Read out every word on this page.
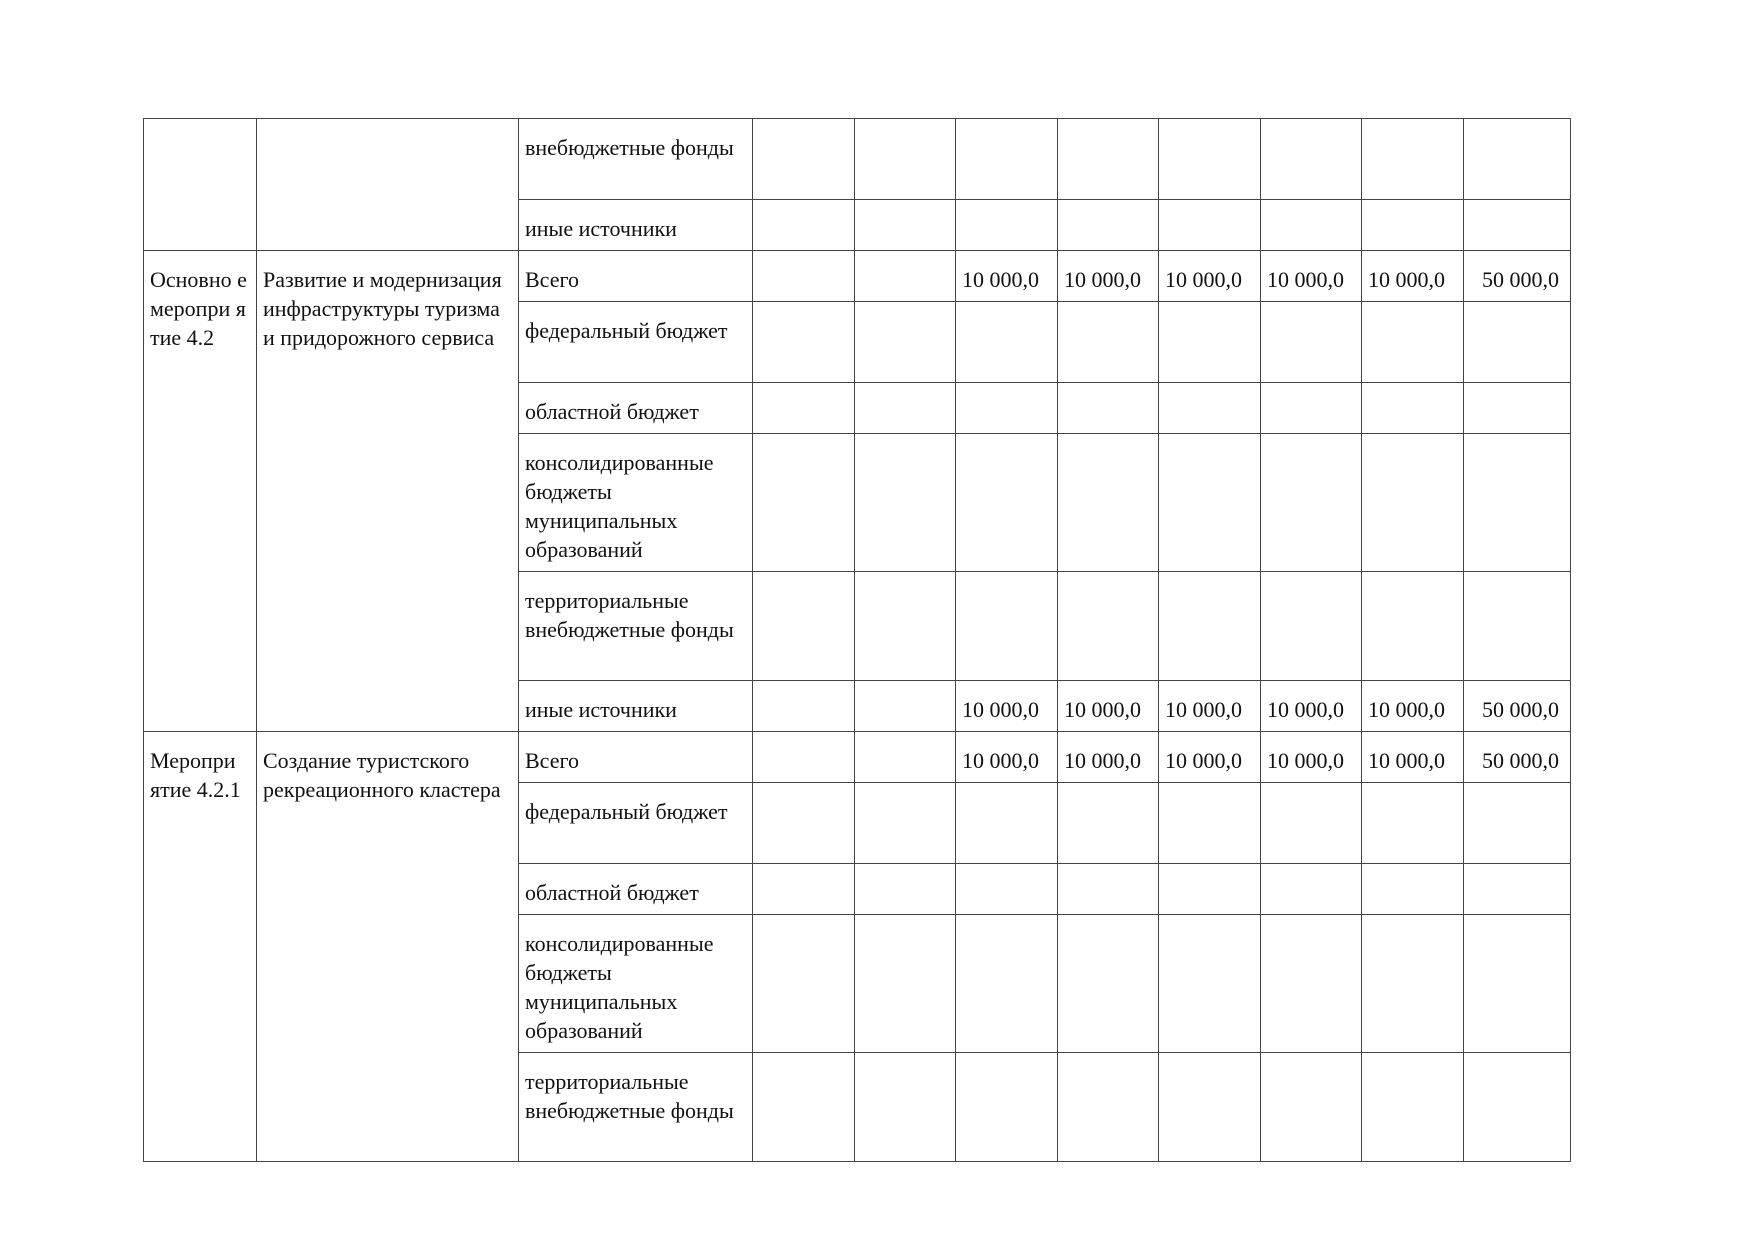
		внебюджетные фонды								
		иные источники								
Основно е меропри ятие 4.2	Развитие и модернизация инфраструктуры туризма и придорожного сервиса	Всего			10 000,0	10 000,0	10 000,0	10 000,0	10 000,0	50 000,0
		федеральный бюджет								
		областной бюджет								
		консолидированные бюджеты муниципальных образований								
		территориальные внебюджетные фонды								
		иные источники			10 000,0	10 000,0	10 000,0	10 000,0	10 000,0	50 000,0
Меропри ятие 4.2.1	Создание туристского рекреационного кластера	Всего			10 000,0	10 000,0	10 000,0	10 000,0	10 000,0	50 000,0
		федеральный бюджет								
		областной бюджет								
		консолидированные бюджеты муниципальных образований								
		территориальные внебюджетные фонды								
